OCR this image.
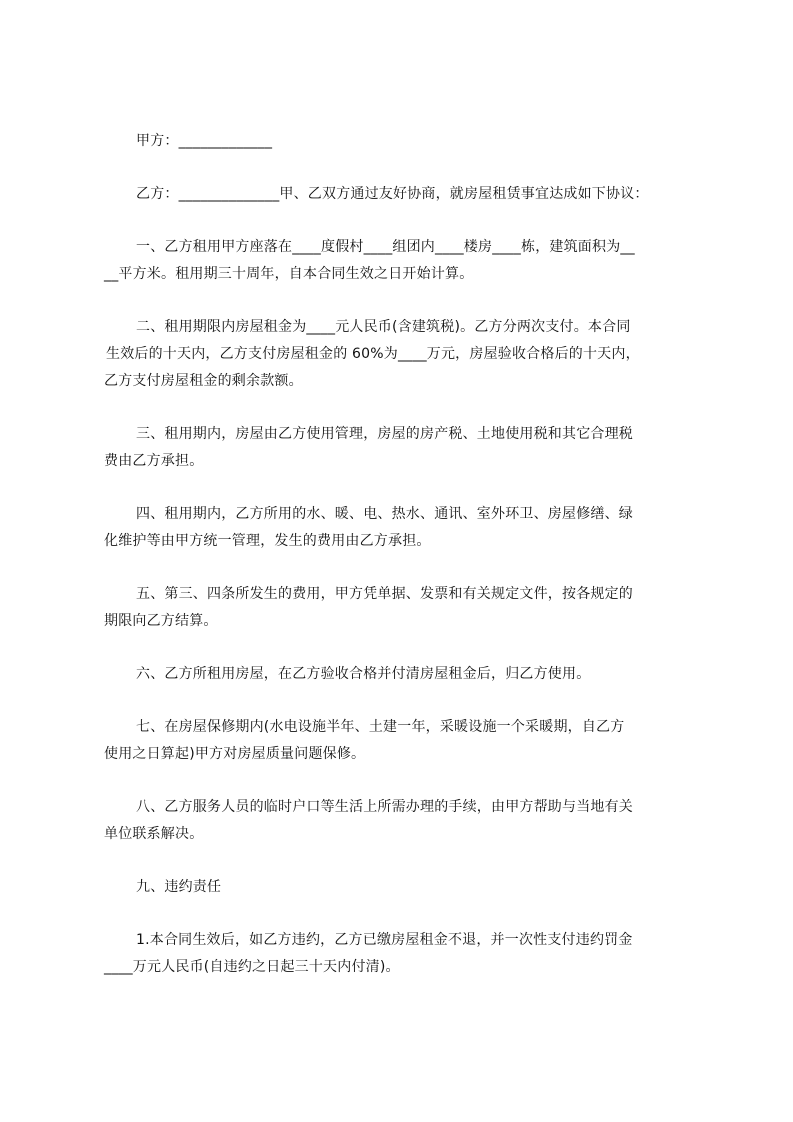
甲方：_____________
乙方：______________甲、乙双方通过友好协商，就房屋租赁事宜达成如下协议：
一、乙方租用甲方座落在____度假村____组团内____楼房____栋，建筑面积为__
__平方米。租用期三十周年，自本合同生效之日开始计算。
二、租用期限内房屋租金为____元人民币(含建筑税)。乙方分两次支付。本合同
生效后的十天内，乙方支付房屋租金的 60%为____万元，房屋验收合格后的十天内，
乙方支付房屋租金的剩余款额。
三、租用期内，房屋由乙方使用管理，房屋的房产税、土地使用税和其它合理税
费由乙方承担。
四、租用期内，乙方所用的水、暖、电、热水、通讯、室外环卫、房屋修缮、绿
化维护等由甲方统一管理，发生的费用由乙方承担。
五、第三、四条所发生的费用，甲方凭单据、发票和有关规定文件，按各规定的
期限向乙方结算。
六、乙方所租用房屋，在乙方验收合格并付清房屋租金后，归乙方使用。
七、在房屋保修期内(水电设施半年、土建一年，采暖设施一个采暖期，自乙方
使用之日算起)甲方对房屋质量问题保修。
八、乙方服务人员的临时户口等生活上所需办理的手续，由甲方帮助与当地有关
单位联系解决。
九、违约责任
1.本合同生效后，如乙方违约，乙方已缴房屋租金不退，并一次性支付违约罚金
____万元人民币(自违约之日起三十天内付清)。
